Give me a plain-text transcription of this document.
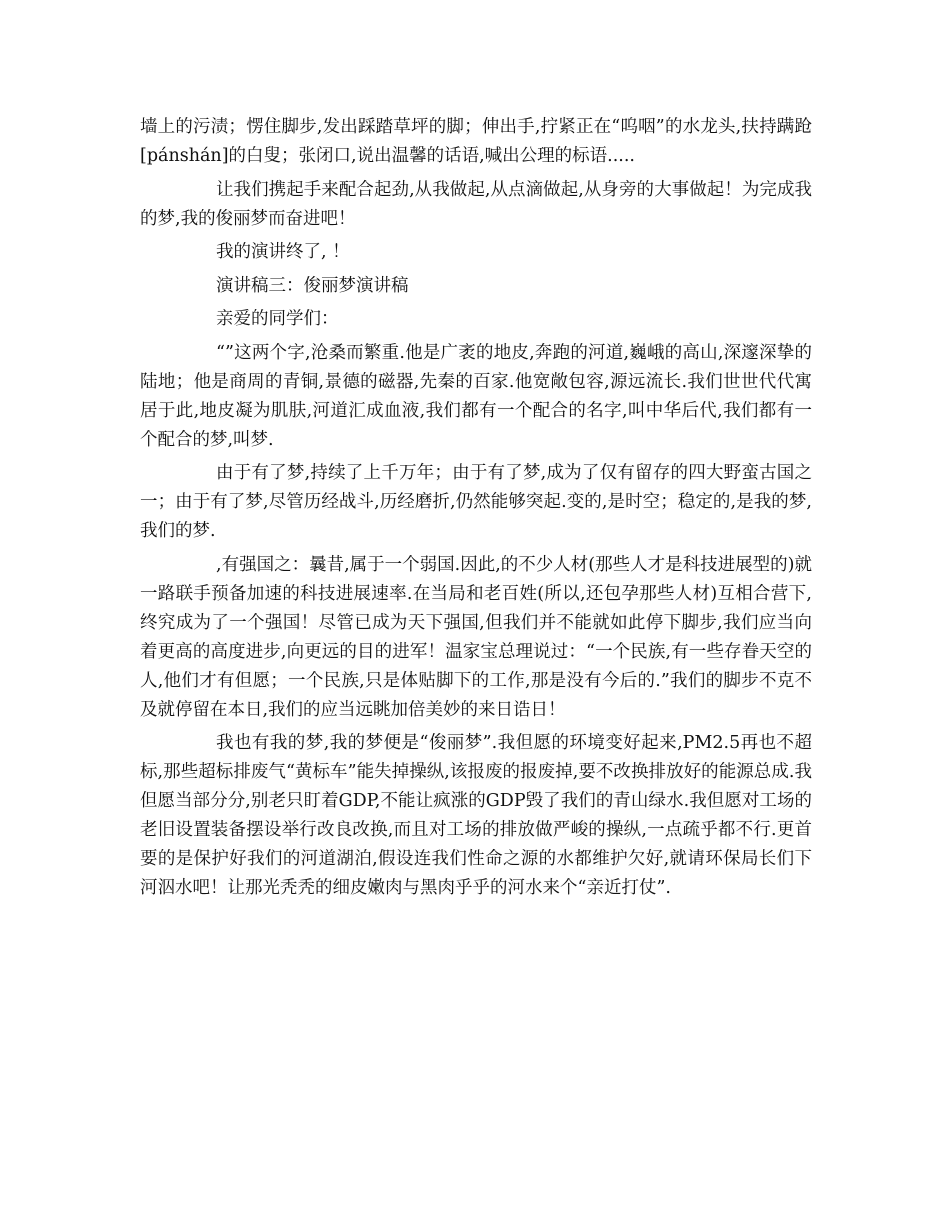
墙上的污渍；愣住脚步,发出踩踏草坪的脚；伸出手,拧紧正在“呜咽”的水龙头,扶持蹒跄[pánshán]的白叟；张闭口,说出温馨的话语,喊出公理的标语.....

让我们携起手来配合起劲,从我做起,从点滴做起,从身旁的大事做起！为完成我的梦,我的俊丽梦而奋进吧！

我的演讲终了, ！

演讲稿三：俊丽梦演讲稿

亲爱的同学们：

“”这两个字,沧桑而繁重.他是广袤的地皮,奔跑的河道,巍峨的高山,深邃深挚的陆地；他是商周的青铜,景德的磁器,先秦的百家.他宽敞包容,源远流长.我们世世代代寓居于此,地皮凝为肌肤,河道汇成血液,我们都有一个配合的名字,叫中华后代,我们都有一个配合的梦,叫梦.

由于有了梦,持续了上千万年；由于有了梦,成为了仅有留存的四大野蛮古国之一；由于有了梦,尽管历经战斗,历经磨折,仍然能够突起.变的,是时空；稳定的,是我的梦,我们的梦.

,有强国之：曩昔,属于一个弱国.因此,的不少人材(那些人才是科技进展型的)就一路联手预备加速的科技进展速率.在当局和老百姓(所以,还包孕那些人材)互相合营下,终究成为了一个强国！尽管已成为天下强国,但我们并不能就如此停下脚步,我们应当向着更高的高度进步,向更远的目的进军！温家宝总理说过：“一个民族,有一些存眷天空的人,他们才有但愿；一个民族,只是体贴脚下的工作,那是没有今后的.”我们的脚步不克不及就停留在本日,我们的应当远眺加倍美妙的来日诰日！

我也有我的梦,我的梦便是“俊丽梦”.我但愿的环境变好起来,PM2.5再也不超标,那些超标排废气“黄标车”能失掉操纵,该报废的报废掉,要不改换排放好的能源总成.我但愿当部分分,别老只盯着GDP,不能让疯涨的GDP毁了我们的青山绿水.我但愿对工场的老旧设置装备摆设举行改良改换,而且对工场的排放做严峻的操纵,一点疏乎都不行.更首要的是保护好我们的河道湖泊,假设连我们性命之源的水都维护欠好,就请环保局长们下河泅水吧！让那光秃秃的细皮嫩肉与黑肉乎乎的河水来个“亲近打仗”.
